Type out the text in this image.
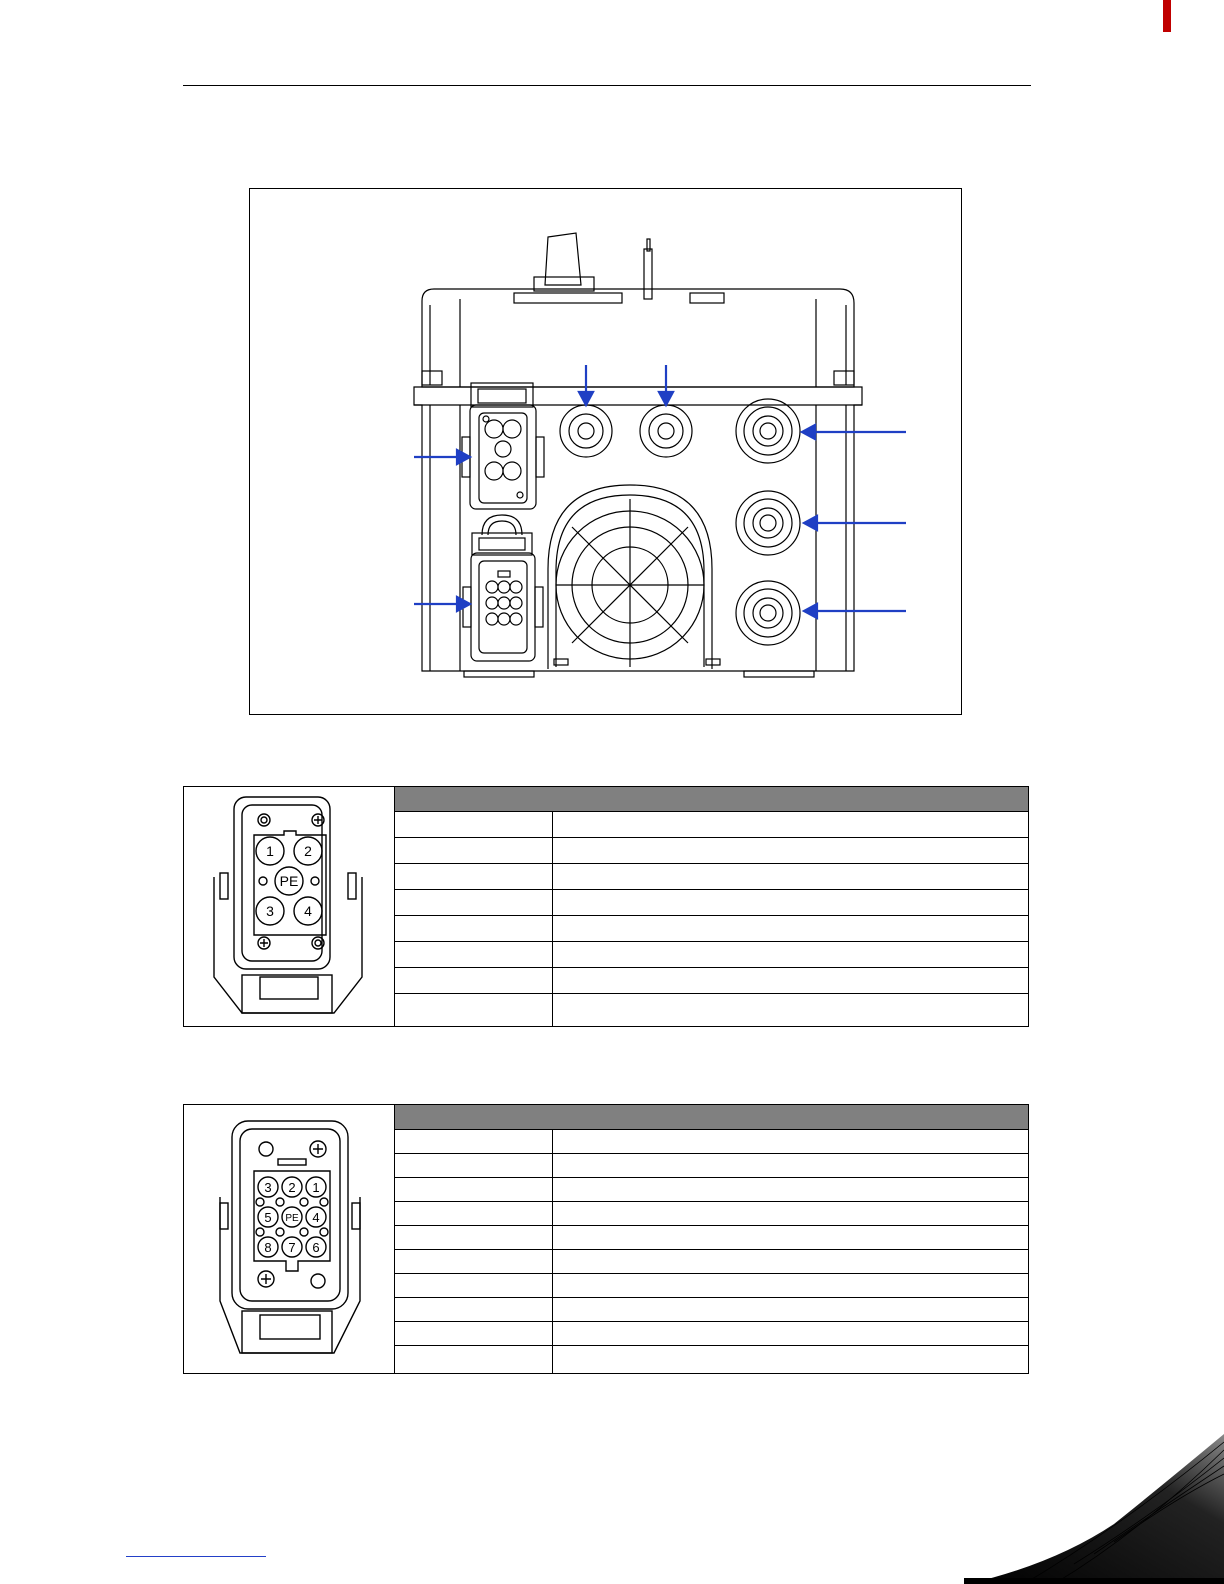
1 2
PE
3 4
3 2 1
5 PE 4
8 7 6
